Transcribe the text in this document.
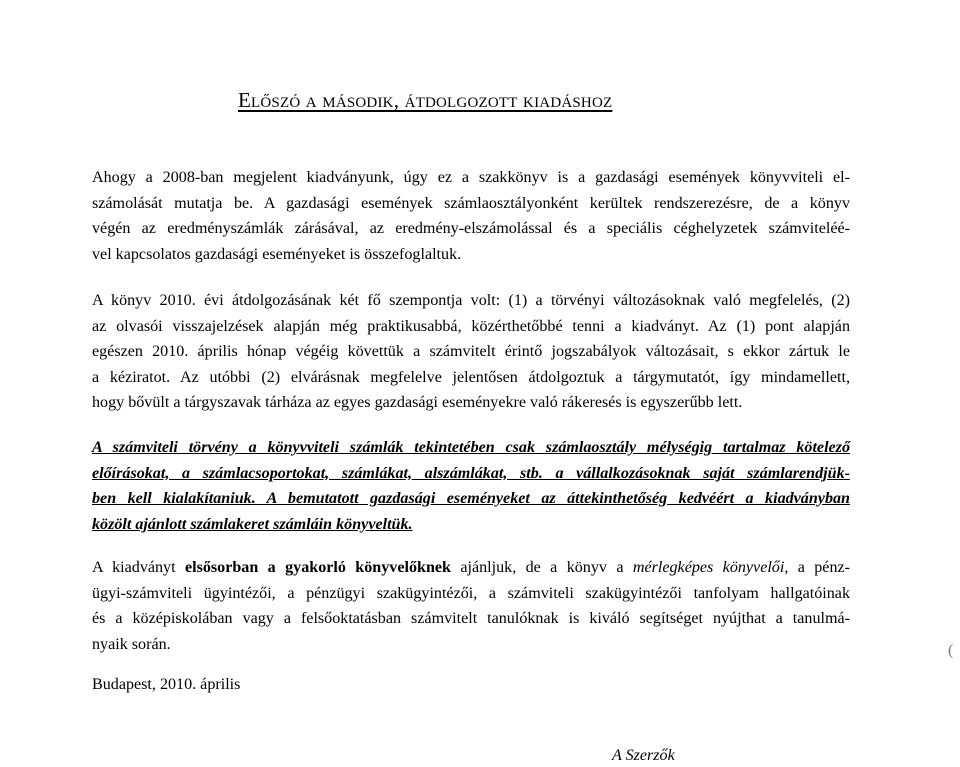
Előszó a második, átdolgozott kiadáshoz
Ahogy a 2008-ban megjelent kiadványunk, úgy ez a szakkönyv is a gazdasági események könyvviteli el-
számolását mutatja be. A gazdasági események számlaosztályonként kerültek rendszerezésre, de a könyv
végén az eredményszámlák zárásával, az eredmény-elszámolással és a speciális céghelyzetek számviteléé-
vel kapcsolatos gazdasági eseményeket is összefoglaltuk.
A könyv 2010. évi átdolgozásának két fő szempontja volt: (1) a törvényi változásoknak való megfelelés, (2)
az olvasói visszajelzések alapján még praktikusabbá, közérthetőbbé tenni a kiadványt. Az (1) pont alapján
egészen 2010. április hónap végéig követtük a számvitelt érintő jogszabályok változásait, s ekkor zártuk le
a kéziratot. Az utóbbi (2) elvárásnak megfelelve jelentősen átdolgoztuk a tárgymutatót, így mindamellett,
hogy bővült a tárgyszavak tárháza az egyes gazdasági eseményekre való rákeresés is egyszerűbb lett.
A számviteli törvény a könyvviteli számlák tekintetében csak számlaosztály mélységig tartalmaz kötelező
előírásokat, a számlacsoportokat, számlákat, alszámlákat, stb. a vállalkozásoknak saját számlarendjük-
ben kell kialakítaniuk. A bemutatott gazdasági eseményeket az áttekinthetőség kedvéért a kiadványban
közölt ajánlott számlakeret számláin könyveltük.
A kiadványt elsősorban a gyakorló könyvelőknek ajánljuk, de a könyv a mérlegképes könyvelői, a pénz-
ügyi-számviteli ügyintézői, a pénzügyi szakügyintézői, a számviteli szakügyintézői tanfolyam hallgatóinak
és a középiskolában vagy a felsőoktatásban számvitelt tanulóknak is kiváló segítséget nyújthat a tanulmá-
nyaik során.
Budapest, 2010. április
A Szerzők
(
